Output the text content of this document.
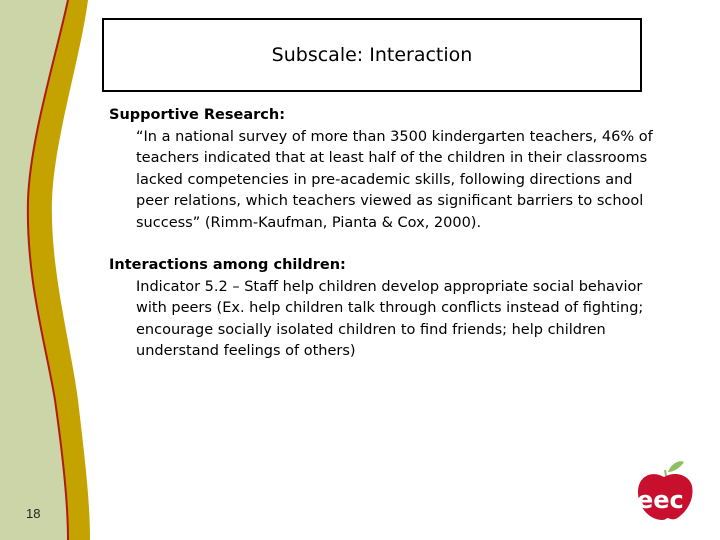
Subscale: Interaction
Supportive Research:
“In a national survey of more than 3500 kindergarten teachers, 46% of teachers indicated that at least half of the children in their classrooms lacked competencies in pre-academic skills, following directions and peer relations, which teachers viewed as significant barriers to school success” (Rimm-Kaufman, Pianta & Cox, 2000).
Interactions among children:
Indicator 5.2 – Staff help children develop appropriate social behavior with peers (Ex. help children talk through conflicts instead of fighting; encourage socially isolated children to find friends; help children understand feelings of others)
18	eec
